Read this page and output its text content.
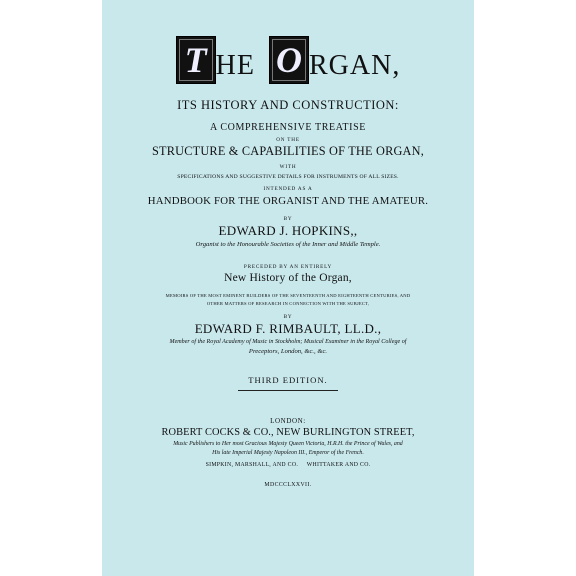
T HE O RGAN,
ITS HISTORY AND CONSTRUCTION:
A COMPREHENSIVE TREATISE
ON THE
STRUCTURE & CAPABILITIES OF THE ORGAN,
WITH
SPECIFICATIONS AND SUGGESTIVE DETAILS FOR INSTRUMENTS OF ALL SIZES.
INTENDED AS A
HANDBOOK FOR THE ORGANIST AND THE AMATEUR.
BY
EDWARD J. HOPKINS,,
Organist to the Honourable Societies of the Inner and Middle Temple.
PRECEDED BY AN ENTIRELY
New History of the Organ,
MEMOIRS OF THE MOST EMINENT BUILDERS OF THE SEVENTEENTH AND EIGHTEENTH CENTURIES, AND
OTHER MATTERS OF RESEARCH IN CONNECTION WITH THE SUBJECT,
BY
EDWARD F. RIMBAULT, LL.D.,
Member of the Royal Academy of Music in Stockholm; Musical Examiner in the Royal College of
Preceptors, London, &c., &c.
THIRD EDITION.
LONDON:
ROBERT COCKS & CO., NEW BURLINGTON STREET,
Music Publishers to Her most Gracious Majesty Queen Victoria, H.R.H. the Prince of Wales, and
His late Imperial Majesty Napoleon III., Emperor of the French.
SIMPKIN, MARSHALL, AND CO.     WHITTAKER AND CO.
MDCCCLXXVII.
